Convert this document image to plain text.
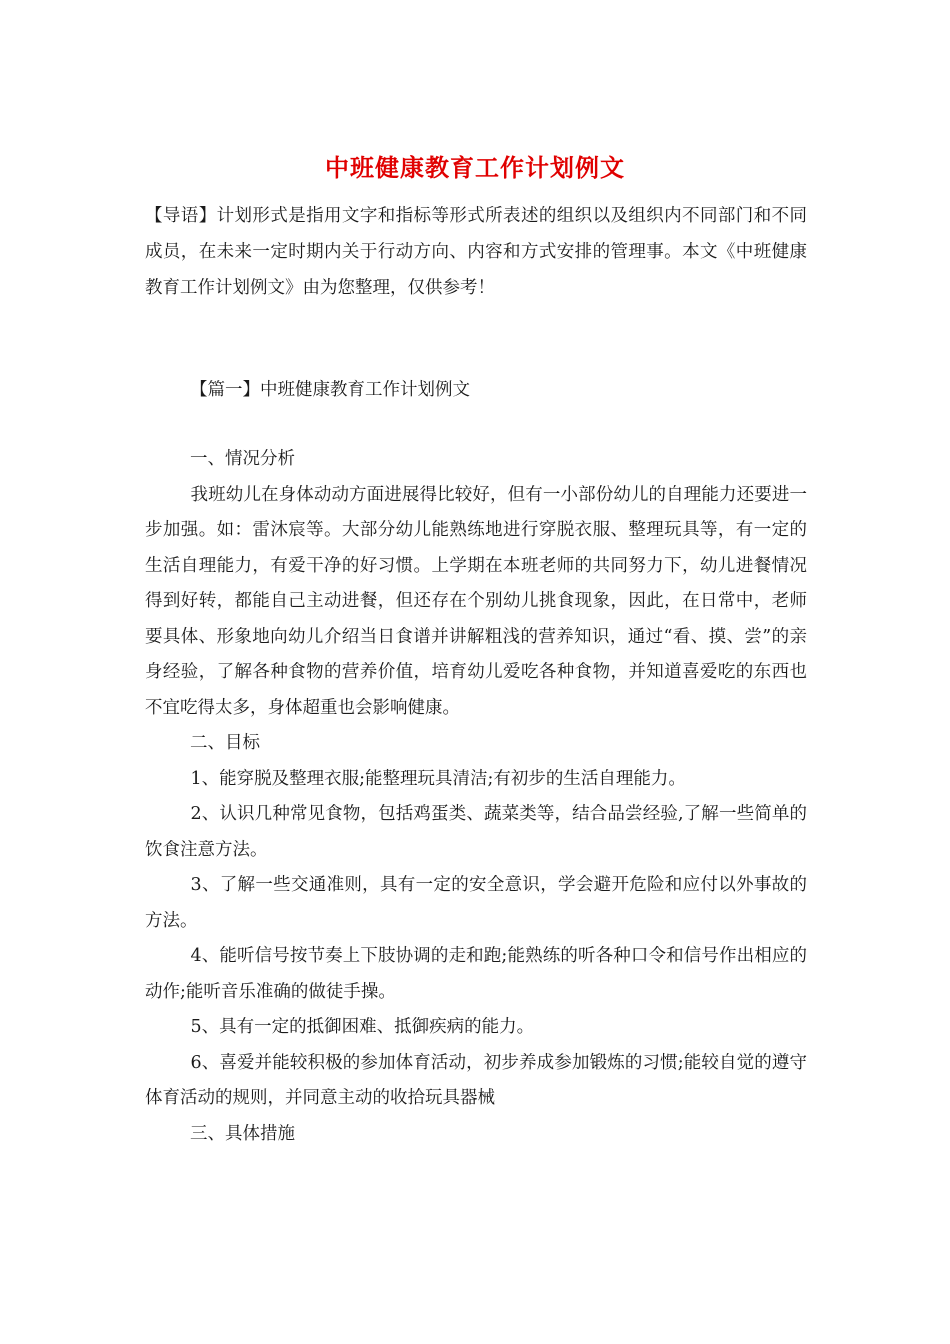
中班健康教育工作计划例文
【导语】计划形式是指用文字和指标等形式所表述的组织以及组织内不同部门和不同成员，在未来一定时期内关于行动方向、内容和方式安排的管理事。本文《中班健康教育工作计划例文》由为您整理，仅供参考！
【篇一】中班健康教育工作计划例文

一、情况分析

我班幼儿在身体动动方面进展得比较好，但有一小部份幼儿的自理能力还要进一步加强。如：雷沐宸等。大部分幼儿能熟练地进行穿脱衣服、整理玩具等，有一定的生活自理能力，有爱干净的好习惯。上学期在本班老师的共同努力下，幼儿进餐情况得到好转，都能自己主动进餐，但还存在个别幼儿挑食现象，因此，在日常中，老师要具体、形象地向幼儿介绍当日食谱并讲解粗浅的营养知识，通过“看、摸、尝”的亲身经验，了解各种食物的营养价值，培育幼儿爱吃各种食物，并知道喜爱吃的东西也不宜吃得太多，身体超重也会影响健康。

二、目标

1、能穿脱及整理衣服;能整理玩具清洁;有初步的生活自理能力。

2、认识几种常见食物，包括鸡蛋类、蔬菜类等，结合品尝经验,了解一些简单的饮食注意方法。

3、了解一些交通准则，具有一定的安全意识，学会避开危险和应付以外事故的方法。

4、能听信号按节奏上下肢协调的走和跑;能熟练的听各种口令和信号作出相应的动作;能听音乐准确的做徒手操。

5、具有一定的抵御困难、抵御疾病的能力。

6、喜爱并能较积极的参加体育活动，初步养成参加锻炼的习惯;能较自觉的遵守体育活动的规则，并同意主动的收拾玩具器械

三、具体措施
